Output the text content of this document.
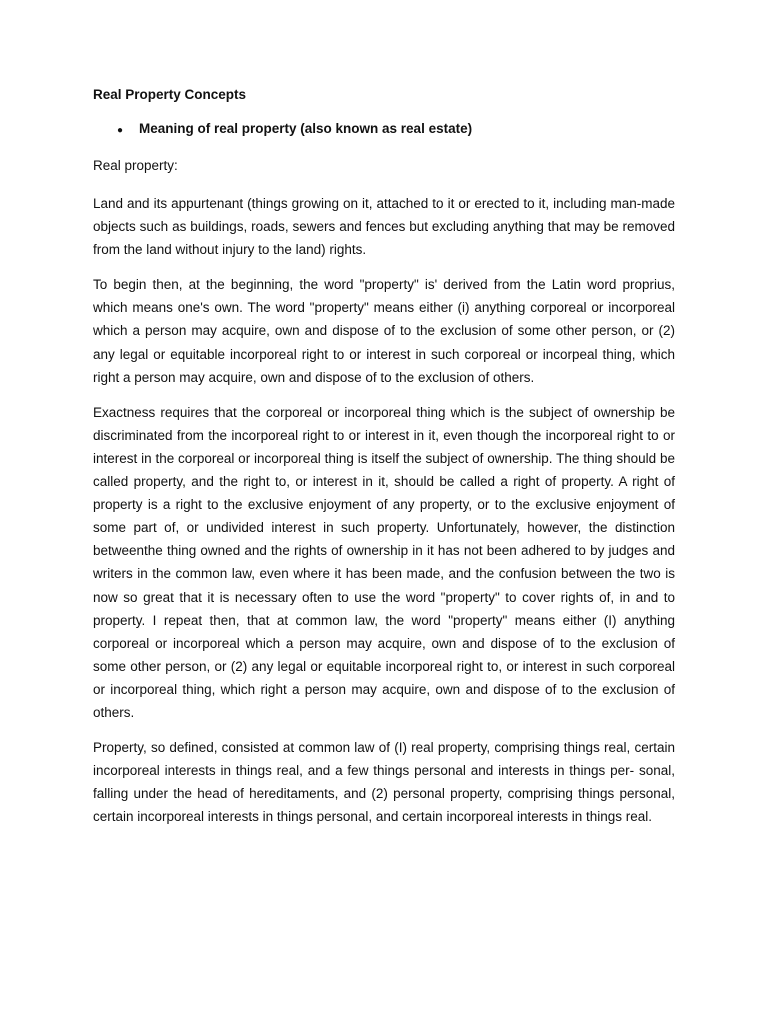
Real Property Concepts
●	Meaning of real property (also known as real estate)
Real property:

Land and its appurtenant (things growing on it, attached to it or erected to it, including man-made objects such as buildings, roads, sewers and fences but excluding anything that may be removed from the land without injury to the land) rights.

To begin then, at the beginning, the word "property" is' derived from the Latin word proprius, which means one's own. The word "property" means either (i) anything corporeal or incorporeal which a person may acquire, own and dispose of to the exclusion of some other person, or (2) any legal or equitable incorporeal right to or interest in such corporeal or incorpeal thing, which right a person may acquire, own and dispose of to the exclusion of others.

Exactness requires that the corporeal or incorporeal thing which is the subject of ownership be discriminated from the incorporeal right to or interest in it, even though the incorporeal right to or interest in the corporeal or incorporeal thing is itself the subject of ownership. The thing should be called property, and the right to, or interest in it, should be called a right of property. A right of property is a right to the exclusive enjoyment of any property, or to the exclusive enjoyment of some part of, or undivided interest in such property. Unfortunately, however, the distinction betweenthe thing owned and the rights of ownership in it has not been adhered to by judges and writers in the common law, even where it has been made, and the confusion between the two is now so great that it is necessary often to use the word "property" to cover rights of, in and to property. I repeat then, that at common law, the word "property" means either (I) anything corporeal or incorporeal which a person may acquire, own and dispose of to the exclusion of some other person, or (2) any legal or equitable incorporeal right to, or interest in such corporeal or incorporeal thing, which right a person may acquire, own and dispose of to the exclusion of others.

Property, so defined, consisted at common law of (I) real property, comprising things real, certain incorporeal interests in things real, and a few things personal and interests in things per- sonal, falling under the head of hereditaments, and (2) personal property, comprising things personal, certain incorporeal interests in things personal, and certain incorporeal interests in things real.
